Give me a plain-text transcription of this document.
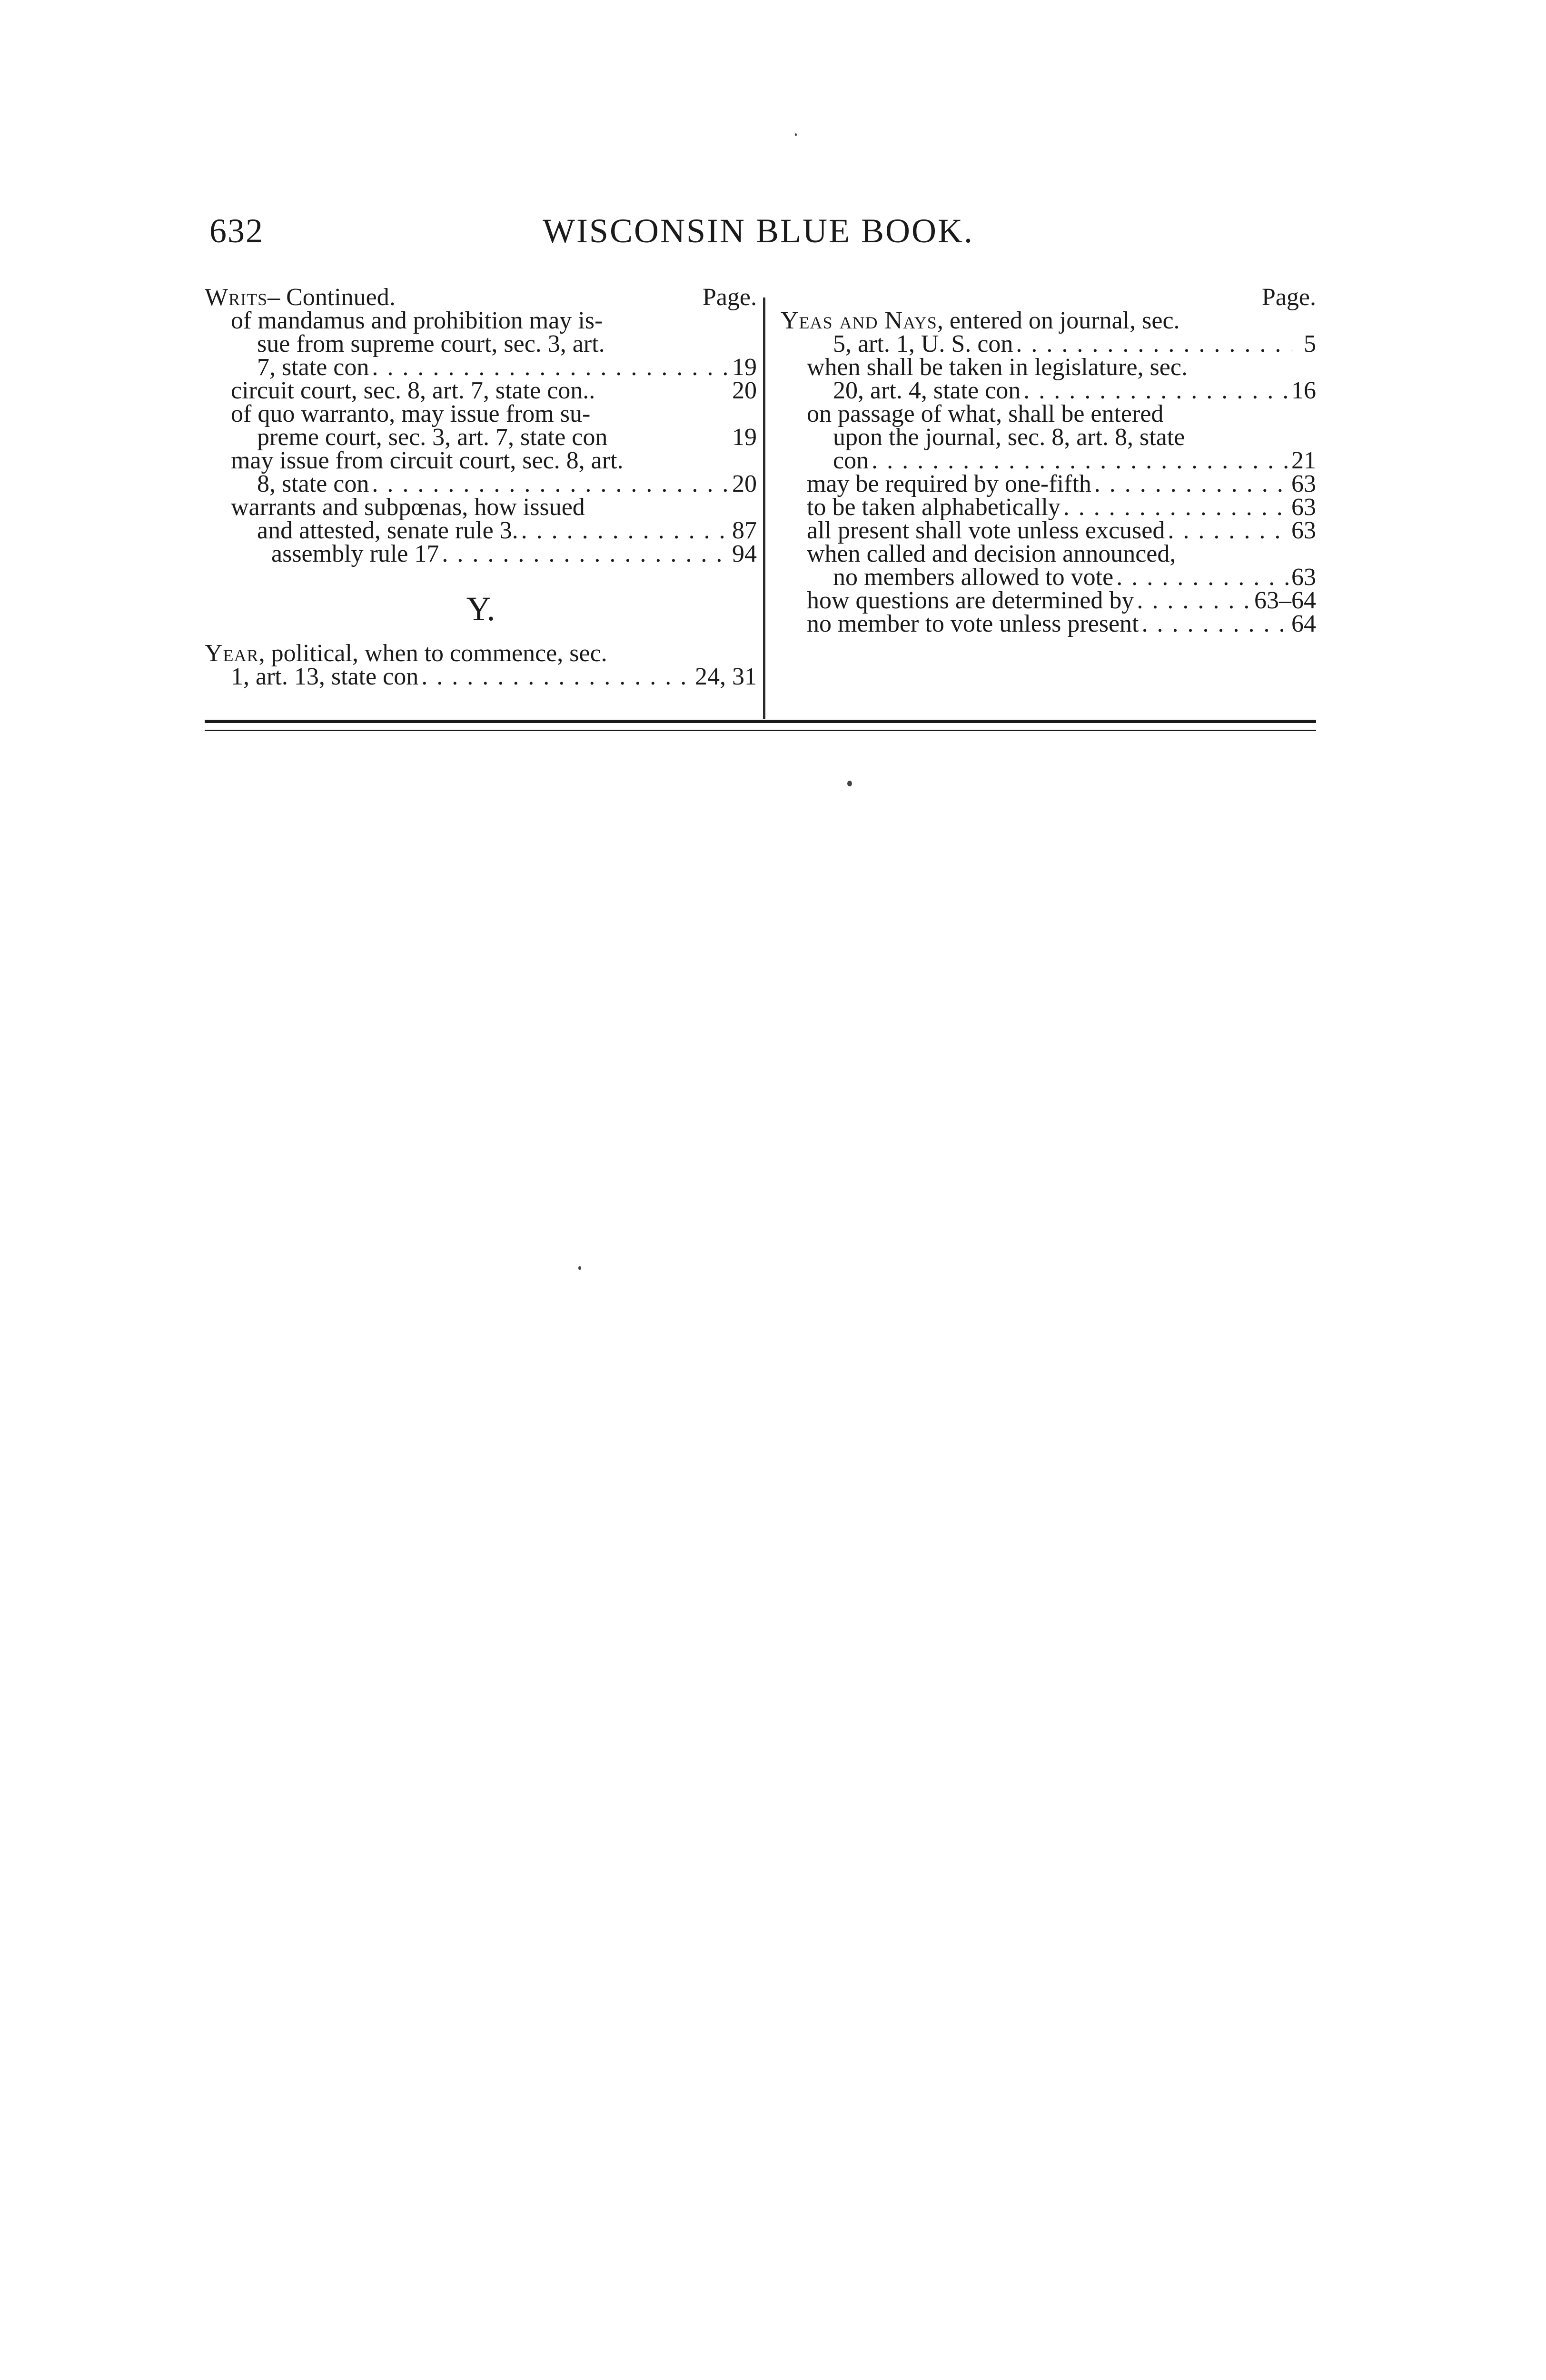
632	WISCONSIN BLUE BOOK.
Writs– Continued.	Page.
of mandamus and prohibition may is-
sue from supreme court, sec. 3, art.
7, state con . . .	19
circuit court, sec. 8, art. 7, state con..	20
of quo warranto, may issue from su-
preme court, sec. 3, art. 7, state con	19
may issue from circuit court, sec. 8, art.
8, state con . . .	20
warrants and subpœnas, how issued
and attested, senate rule 3. . . .	87
assembly rule 17 . . .	94
Y.
Year, political, when to commence, sec.
1, art. 13, state con . . .	24, 31
Page.
Yeas and Nays, entered on journal, sec.
5, art. 1, U. S. con . . .	5
when shall be taken in legislature, sec.
20, art. 4, state con . . .	16
on passage of what, shall be entered
upon the journal, sec. 8, art. 8, state
con . . .	21
may be required by one-fifth . . .	63
to be taken alphabetically . . .	63
all present shall vote unless excused . . .	63
when called and decision announced,
no members allowed to vote . . .	63
how questions are determined by . . .	63–64
no member to vote unless present . . .	64
